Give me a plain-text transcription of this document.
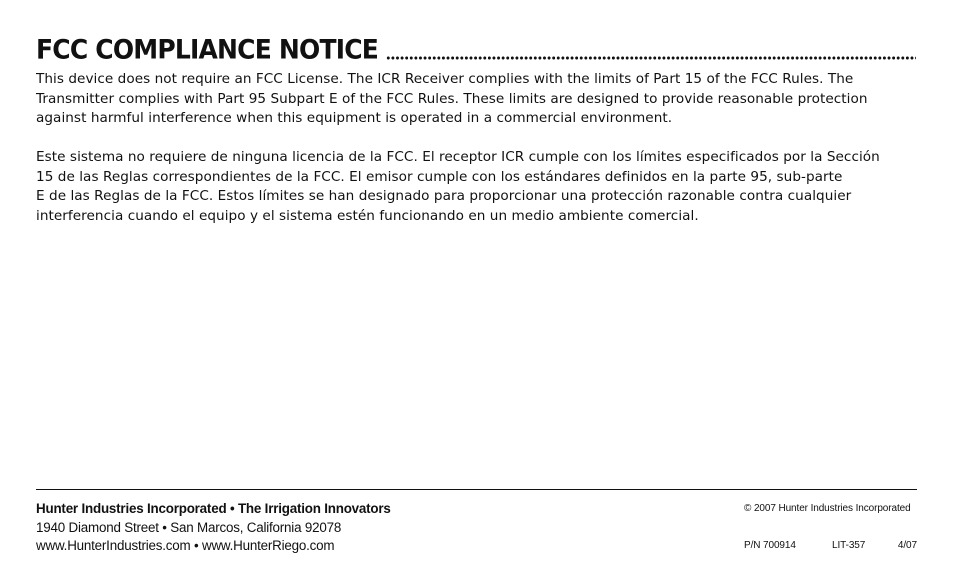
FCC COMPLIANCE NOTICE

This device does not require an FCC License. The ICR Receiver complies with the limits of Part 15 of the FCC Rules. The
Transmitter complies with Part 95 Subpart E of the FCC Rules. These limits are designed to provide reasonable protection
against harmful interference when this equipment is operated in a commercial environment.

Este sistema no requiere de ninguna licencia de la FCC. El receptor ICR cumple con los límites especificados por la Sección
15 de las Reglas correspondientes de la FCC. El emisor cumple con los estándares definidos en la parte 95, sub-parte
E de las Reglas de la FCC. Estos límites se han designado para proporcionar una protección razonable contra cualquier
interferencia cuando el equipo y el sistema estén funcionando en un medio ambiente comercial.

Hunter Industries Incorporated • The Irrigation Innovators
1940 Diamond Street • San Marcos, California 92078
www.HunterIndustries.com • www.HunterRiego.com
© 2007 Hunter Industries Incorporated
P/N 700914	LIT-357	4/07
